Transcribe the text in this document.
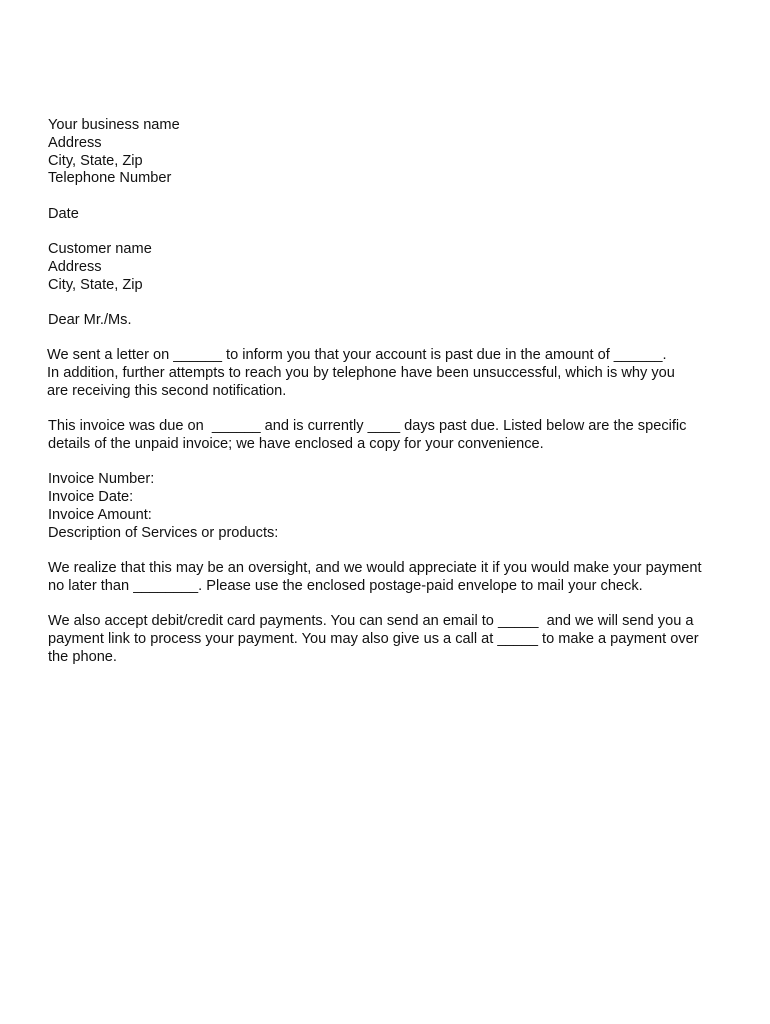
Your business name
Address
City, State, Zip
Telephone Number
Date
Customer name
Address
City, State, Zip
Dear Mr./Ms.
We sent a letter on ______ to inform you that your account is past due in the amount of ______.
In addition, further attempts to reach you by telephone have been unsuccessful, which is why you
are receiving this second notification.
This invoice was due on  ______ and is currently ____ days past due. Listed below are the specific
details of the unpaid invoice; we have enclosed a copy for your convenience.
Invoice Number:
Invoice Date:
Invoice Amount:
Description of Services or products:
We realize that this may be an oversight, and we would appreciate it if you would make your payment
no later than ________. Please use the enclosed postage-paid envelope to mail your check.
We also accept debit/credit card payments. You can send an email to _____  and we will send you a
payment link to process your payment. You may also give us a call at _____ to make a payment over
the phone.
